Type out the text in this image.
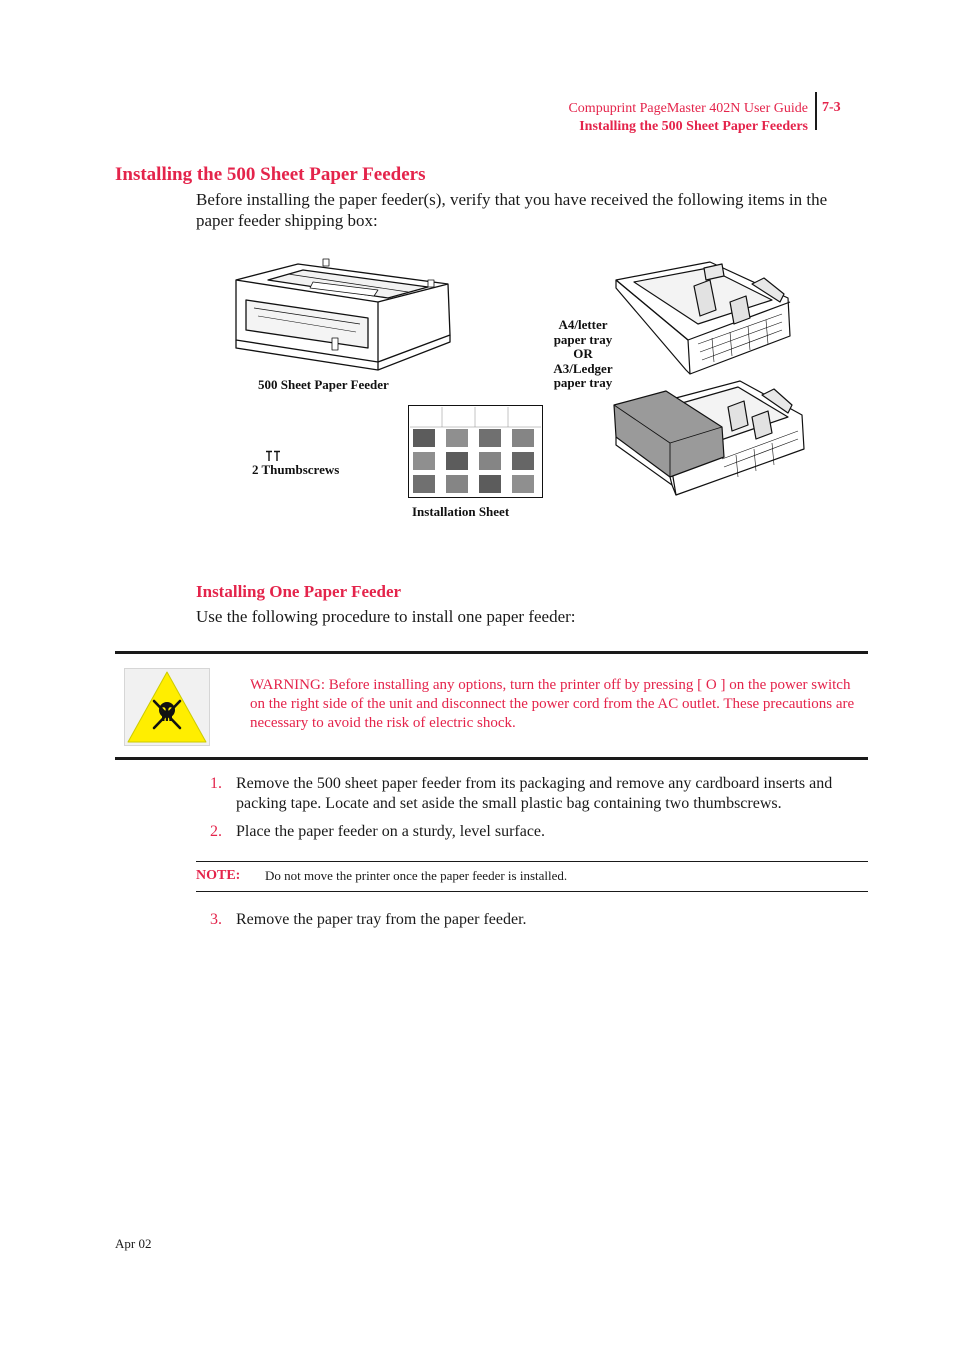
Compuprint PageMaster 402N User Guide
Installing the 500 Sheet Paper Feeders
7-3
Installing the 500 Sheet Paper Feeders
Before installing the paper feeder(s), verify that you have received the following items in the paper feeder shipping box:
500 Sheet Paper Feeder
2 Thumbscrews
Installation Sheet
A4/letter
paper tray
OR
A3/Ledger
paper tray
Installing One Paper Feeder
Use the following procedure to install one paper feeder:
WARNING: Before installing any options, turn the printer off by pressing [ O ] on the power switch on the right side of the unit and disconnect the power cord from the AC outlet. These precautions are necessary to avoid the risk of electric shock.
1. Remove the 500 sheet paper feeder from its packaging and remove any cardboard inserts and packing tape. Locate and set aside the small plastic bag containing two thumbscrews.
2. Place the paper feeder on a sturdy, level surface.
NOTE: Do not move the printer once the paper feeder is installed.
3. Remove the paper tray from the paper feeder.
Apr 02
